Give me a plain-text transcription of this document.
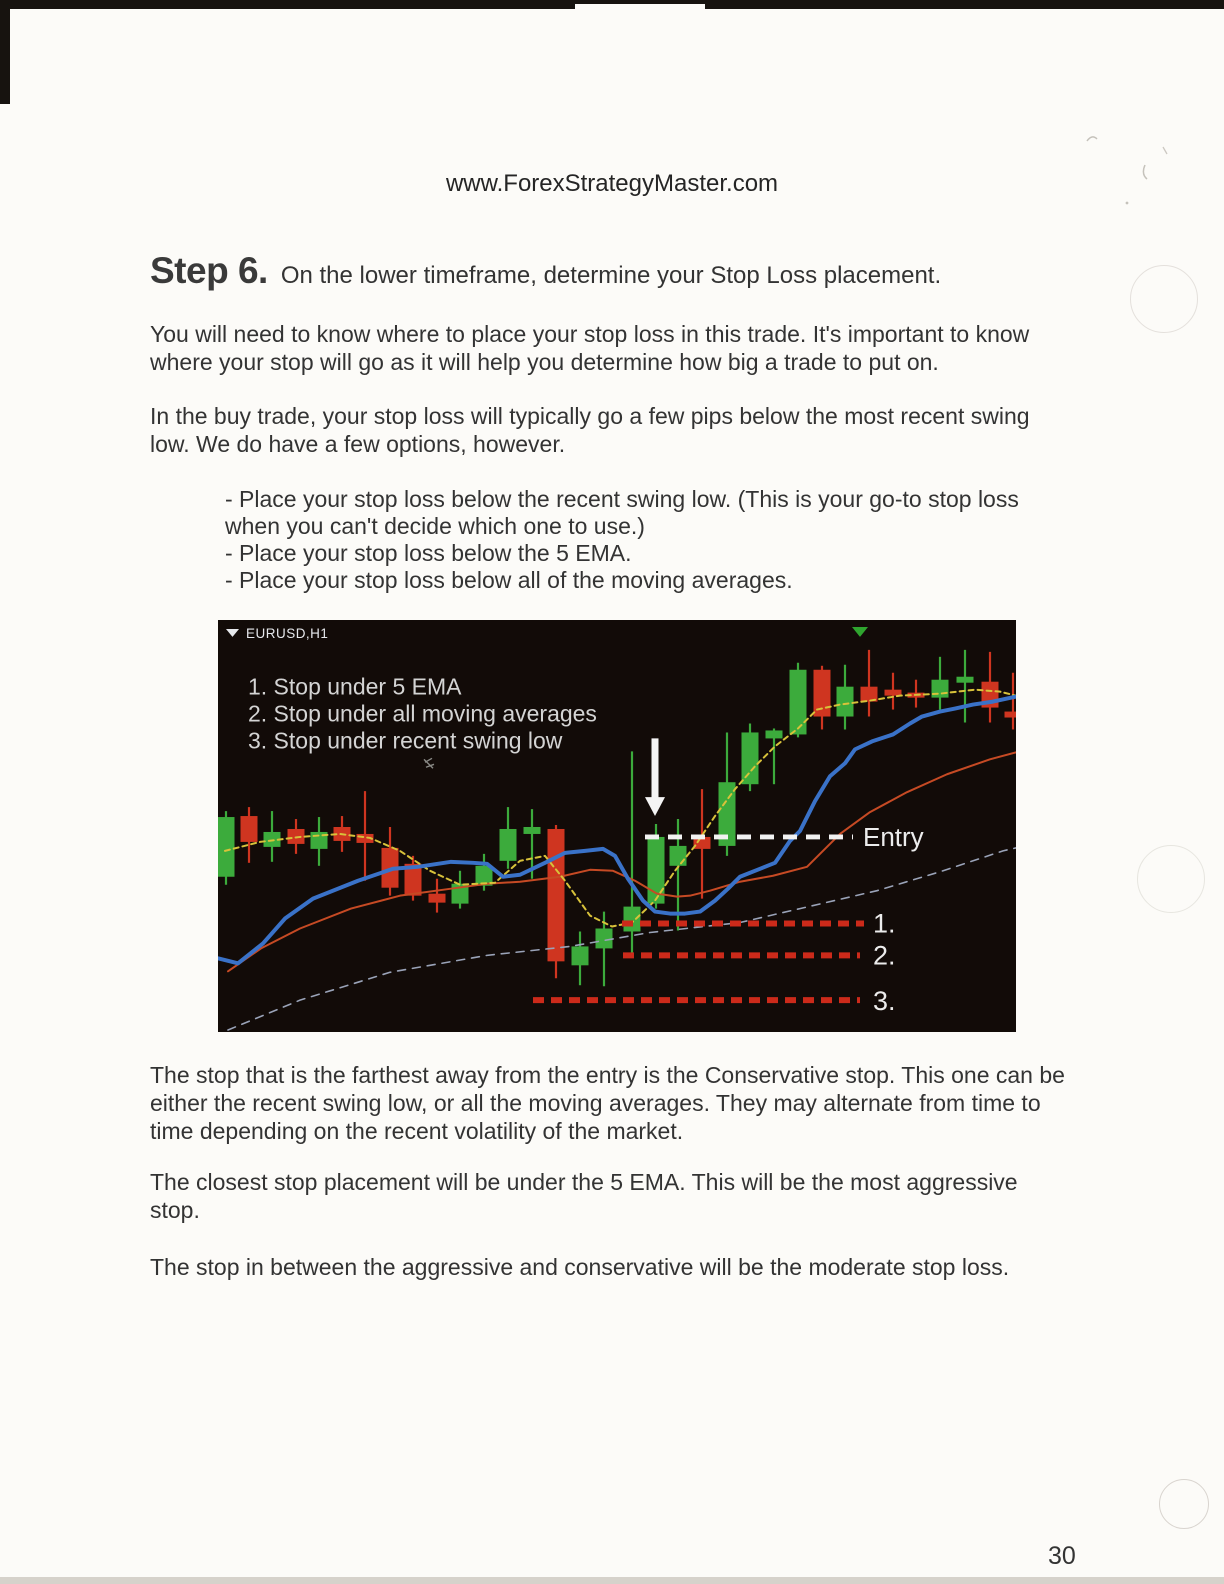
www.ForexStrategyMaster.com
Step 6. On the lower timeframe, determine your Stop Loss placement.

You will need to know where to place your stop loss in this trade. It's important to know where your stop will go as it will help you determine how big a trade to put on.

In the buy trade, your stop loss will typically go a few pips below the most recent swing low. We do have a few options, however.

- Place your stop loss below the recent swing low. (This is your go-to stop loss when you can't decide which one to use.)

- Place your stop loss below the 5 EMA.

- Place your stop loss below all of the moving averages.

Entry
1.
2.
3.
EURUSD,H1
1. Stop under 5 EMA
2. Stop under all moving averages
3. Stop under recent swing low

The stop that is the farthest away from the entry is the Conservative stop. This one can be either the recent swing low, or all the moving averages. They may alternate from time to time depending on the recent volatility of the market.

The closest stop placement will be under the 5 EMA. This will be the most aggressive stop.

The stop in between the aggressive and conservative will be the moderate stop loss.

30
